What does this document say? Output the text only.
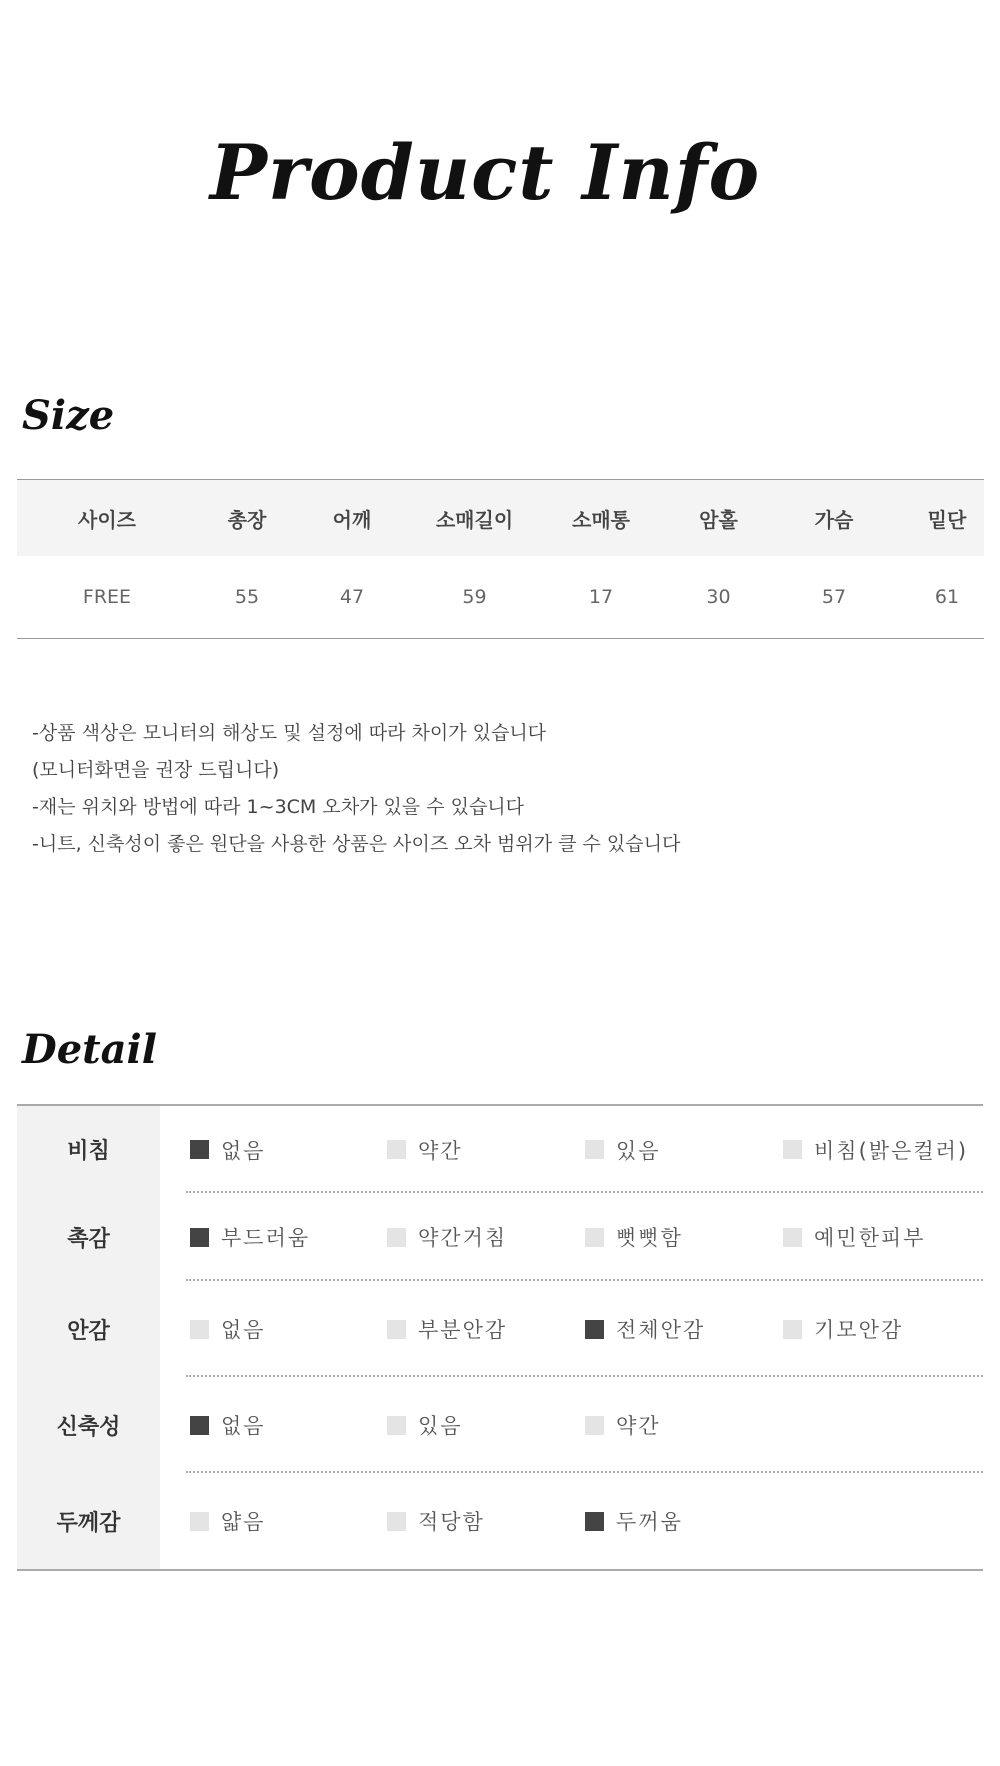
Product Info
Size
사이즈	총장	어깨	소매길이	소매통	암홀	가슴	밑단
FREE	55	47	59	17	30	57	61
-상품 색상은 모니터의 해상도 및 설정에 따라 차이가 있습니다
(모니터화면을 권장 드립니다)
-재는 위치와 방법에 따라 1~3CM 오차가 있을 수 있습니다
-니트, 신축성이 좋은 원단을 사용한 상품은 사이즈 오차 범위가 클 수 있습니다
Detail
비침	없음	약간	있음	비침(밝은컬러)
촉감	부드러움	약간거침	뻣뻣함	예민한피부
안감	없음	부분안감	전체안감	기모안감
신축성	없음	있음	약간
두께감	얇음	적당함	두꺼움
